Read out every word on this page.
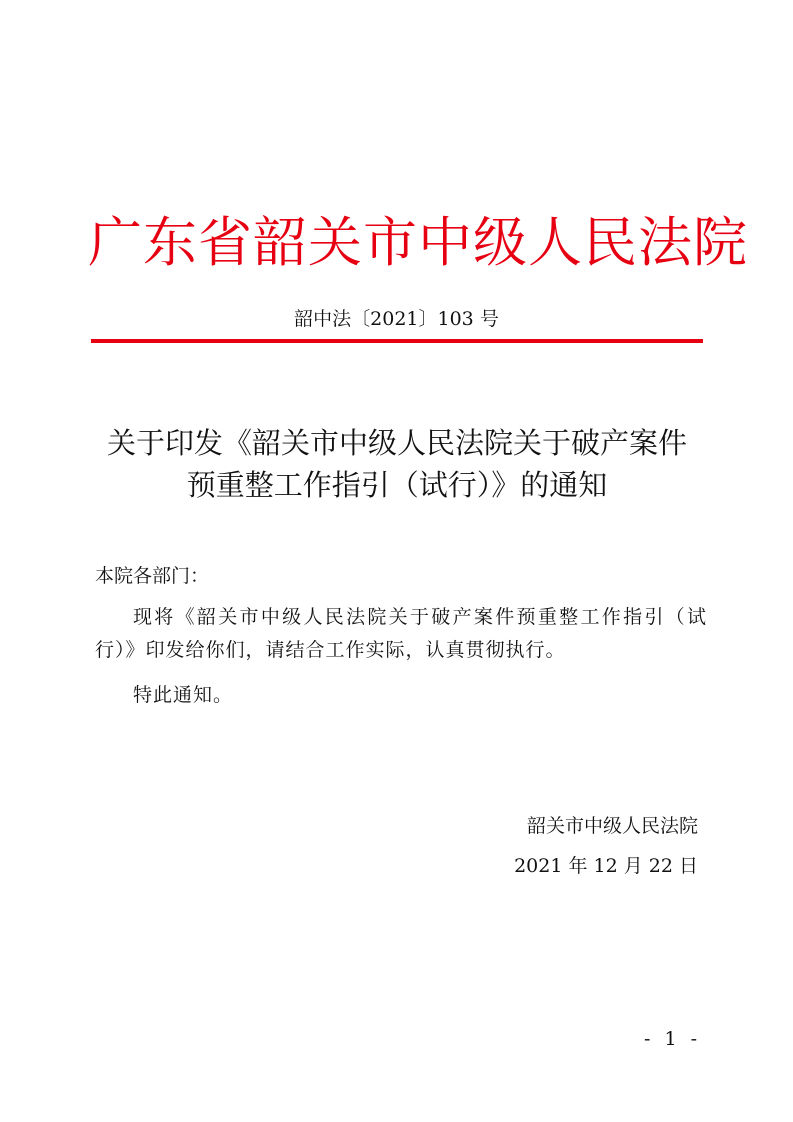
广东省韶关市中级人民法院
韶中法〔2021〕103 号
关于印发《韶关市中级人民法院关于破产案件
预重整工作指引（试行）》的通知
本院各部门：
现将《韶关市中级人民法院关于破产案件预重整工作指引（试行）》印发给你们，请结合工作实际，认真贯彻执行。
特此通知。
韶关市中级人民法院
2021 年 12 月 22 日
- 1 -
